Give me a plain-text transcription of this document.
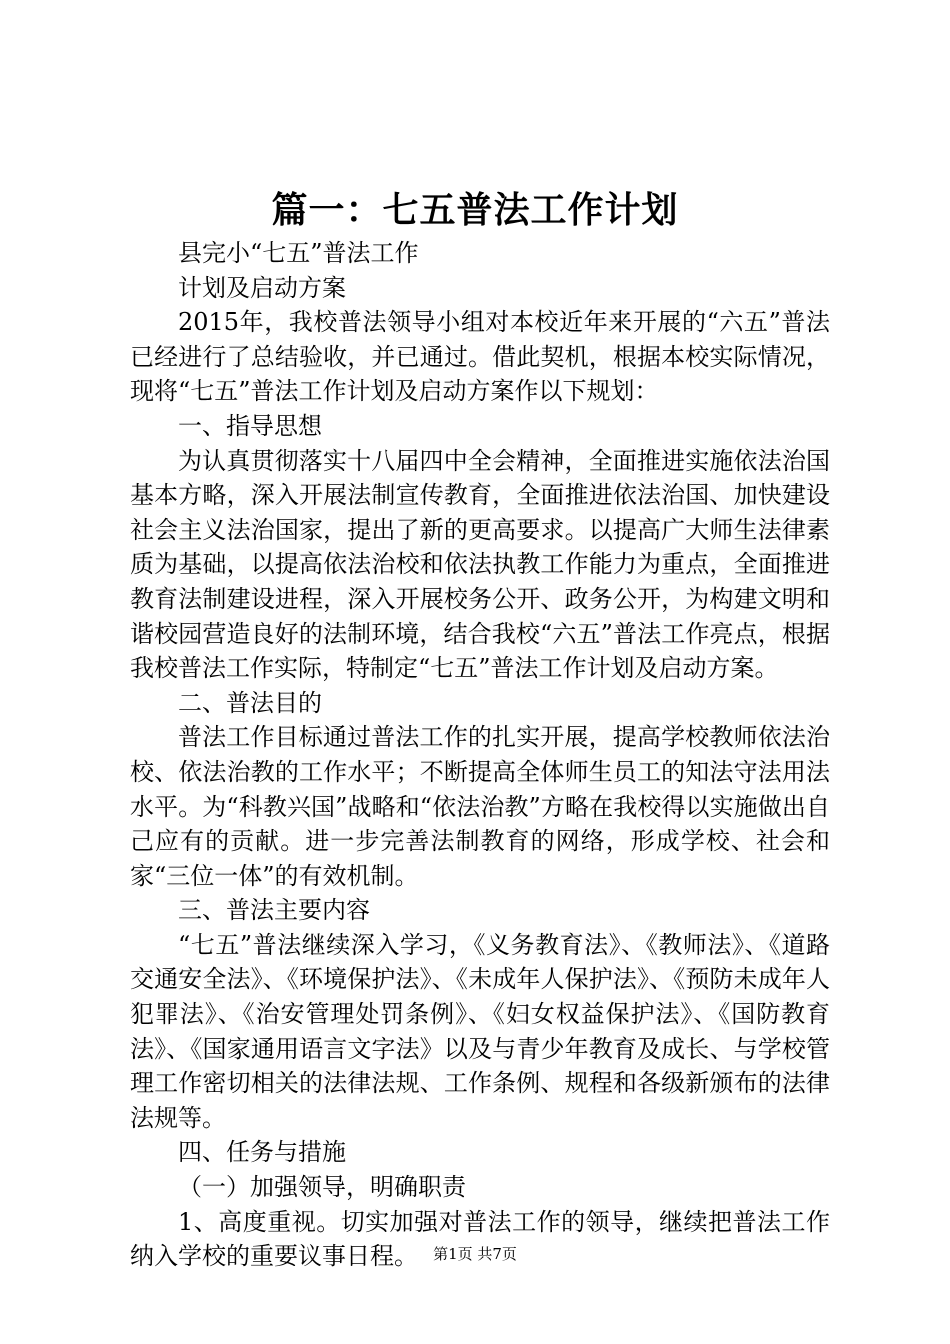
篇一：七五普法工作计划

县完小“七五”普法工作

计划及启动方案

2015年，我校普法领导小组对本校近年来开展的“六五”普法已经进行了总结验收，并已通过。借此契机，根据本校实际情况，现将“七五”普法工作计划及启动方案作以下规划：

一、指导思想

为认真贯彻落实十八届四中全会精神，全面推进实施依法治国基本方略，深入开展法制宣传教育，全面推进依法治国、加快建设社会主义法治国家，提出了新的更高要求。以提高广大师生法律素质为基础，以提高依法治校和依法执教工作能力为重点，全面推进教育法制建设进程，深入开展校务公开、政务公开，为构建文明和谐校园营造良好的法制环境，结合我校“六五”普法工作亮点，根据我校普法工作实际，特制定“七五”普法工作计划及启动方案。

二、普法目的

普法工作目标通过普法工作的扎实开展，提高学校教师依法治校、依法治教的工作水平；不断提高全体师生员工的知法守法用法水平。为“科教兴国”战略和“依法治教”方略在我校得以实施做出自己应有的贡献。进一步完善法制教育的网络，形成学校、社会和家“三位一体”的有效机制。

三、普法主要内容

“七五”普法继续深入学习，《义务教育法》、《教师法》、《道路交通安全法》、《环境保护法》、《未成年人保护法》、《预防未成年人犯罪法》、《治安管理处罚条例》、《妇女权益保护法》、《国防教育法》、《国家通用语言文字法》以及与青少年教育及成长、与学校管理工作密切相关的法律法规、工作条例、规程和各级新颁布的法律法规等。

四、任务与措施

（一）加强领导，明确职责

1、高度重视。切实加强对普法工作的领导，继续把普法工作纳入学校的重要议事日程。	第1页 共7页
